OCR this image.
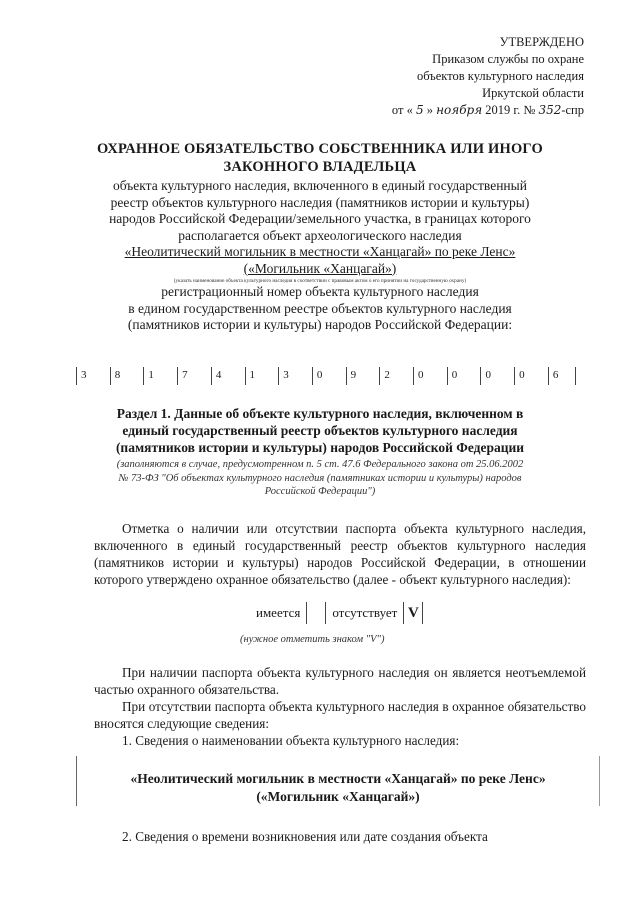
УТВЕРЖДЕНО
Приказом службы по охране
объектов культурного наследия
Иркутской области
от « 5 » ноября 2019 г. № 352-спр
ОХРАННОЕ ОБЯЗАТЕЛЬСТВО СОБСТВЕННИКА ИЛИ ИНОГО
ЗАКОННОГО ВЛАДЕЛЬЦА
объекта культурного наследия, включенного в единый государственный
реестр объектов культурного наследия (памятников истории и культуры)
народов Российской Федерации/земельного участка, в границах которого
располагается объект археологического наследия
«Неолитический могильник в местности «Ханцагай» по реке Ленс»
(«Могильник «Ханцагай»)
(указать наименование объекта культурного наследия в соответствии с правовым актом о его принятии на государственную охрану)
регистрационный номер объекта культурного наследия
в едином государственном реестре объектов культурного наследия
(памятников истории и культуры) народов Российской Федерации:
3	8	1	7	4	1	3	0	9	2	0	0	0	0	6
Раздел 1. Данные об объекте культурного наследия, включенном в
единый государственный реестр объектов культурного наследия
(памятников истории и культуры) народов Российской Федерации
(заполняются в случае, предусмотренном п. 5 ст. 47.6 Федерального закона от 25.06.2002
№ 73-ФЗ "Об объектах культурного наследия (памятниках истории и культуры) народов
Российской Федерации")

Отметка о наличии или отсутствии паспорта объекта культурного наследия, включенного в единый государственный реестр объектов культурного наследия (памятников истории и культуры) народов Российской Федерации, в отношении которого утверждено охранное обязательство (далее - объект культурного наследия):

имеется отсутствует V
(нужное отметить знаком "V")

При наличии паспорта объекта культурного наследия он является неотъемлемой частью охранного обязательства.

При отсутствии паспорта объекта культурного наследия в охранное обязательство вносятся следующие сведения:

1. Сведения о наименовании объекта культурного наследия:

«Неолитический могильник в местности «Ханцагай» по реке Ленс»
(«Могильник «Ханцагай»)

2. Сведения о времени возникновения или дате создания объекта
